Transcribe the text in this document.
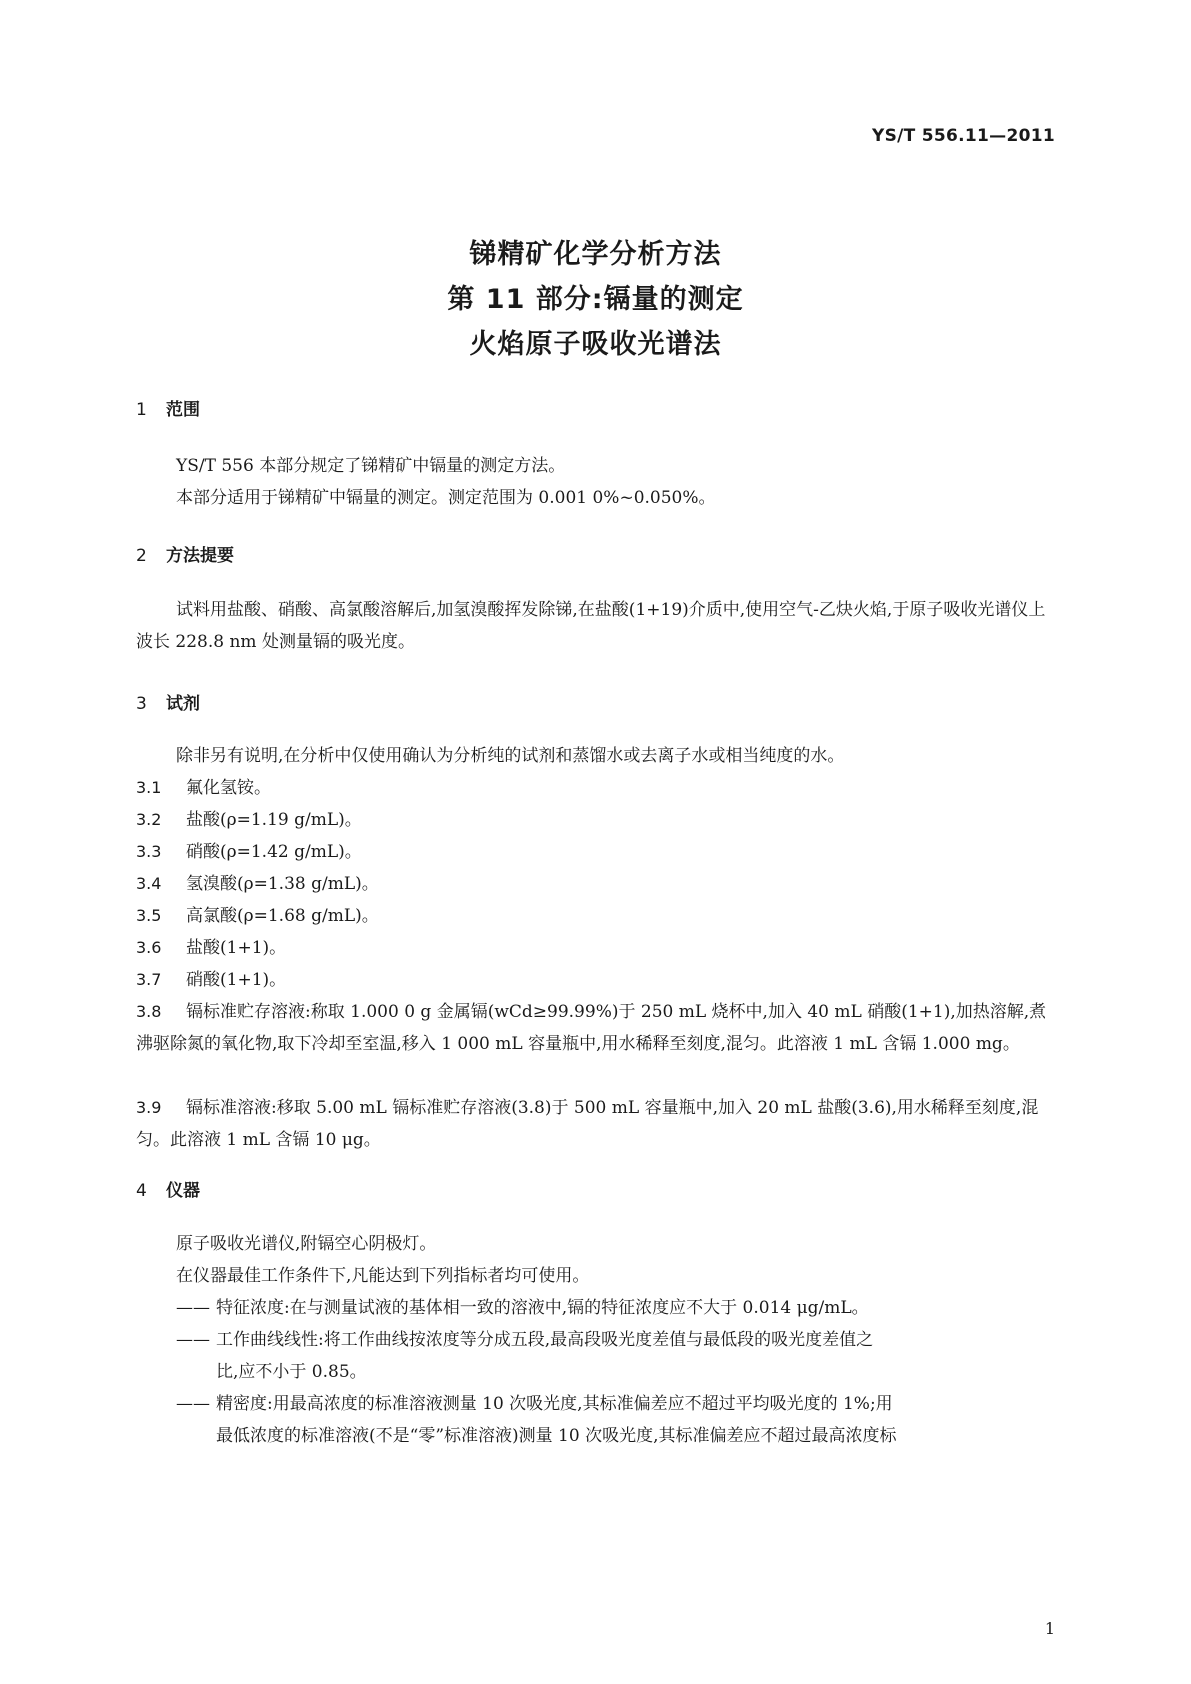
YS/T 556.11—2011
锑精矿化学分析方法
第 11 部分:镉量的测定
火焰原子吸收光谱法
1 范围
YS/T 556 本部分规定了锑精矿中镉量的测定方法。
本部分适用于锑精矿中镉量的测定。测定范围为 0.001 0%~0.050%。
2 方法提要
试料用盐酸、硝酸、高氯酸溶解后,加氢溴酸挥发除锑,在盐酸(1+19)介质中,使用空气-乙炔火焰,于原子吸收光谱仪上波长 228.8 nm 处测量镉的吸光度。
3 试剂
除非另有说明,在分析中仅使用确认为分析纯的试剂和蒸馏水或去离子水或相当纯度的水。
3.1 氟化氢铵。
3.2 盐酸(ρ=1.19 g/mL)。
3.3 硝酸(ρ=1.42 g/mL)。
3.4 氢溴酸(ρ=1.38 g/mL)。
3.5 高氯酸(ρ=1.68 g/mL)。
3.6 盐酸(1+1)。
3.7 硝酸(1+1)。
3.8 镉标准贮存溶液:称取 1.000 0 g 金属镉(wCd≥99.99%)于 250 mL 烧杯中,加入 40 mL 硝酸(1+1),加热溶解,煮沸驱除氮的氧化物,取下冷却至室温,移入 1 000 mL 容量瓶中,用水稀释至刻度,混匀。此溶液 1 mL 含镉 1.000 mg。
3.9 镉标准溶液:移取 5.00 mL 镉标准贮存溶液(3.8)于 500 mL 容量瓶中,加入 20 mL 盐酸(3.6),用水稀释至刻度,混匀。此溶液 1 mL 含镉 10 μg。
4 仪器
原子吸收光谱仪,附镉空心阴极灯。
在仪器最佳工作条件下,凡能达到下列指标者均可使用。
—— 特征浓度:在与测量试液的基体相一致的溶液中,镉的特征浓度应不大于 0.014 μg/mL。
—— 工作曲线线性:将工作曲线按浓度等分成五段,最高段吸光度差值与最低段的吸光度差值之
比,应不小于 0.85。
—— 精密度:用最高浓度的标准溶液测量 10 次吸光度,其标准偏差应不超过平均吸光度的 1%;用
最低浓度的标准溶液(不是“零”标准溶液)测量 10 次吸光度,其标准偏差应不超过最高浓度标
1
